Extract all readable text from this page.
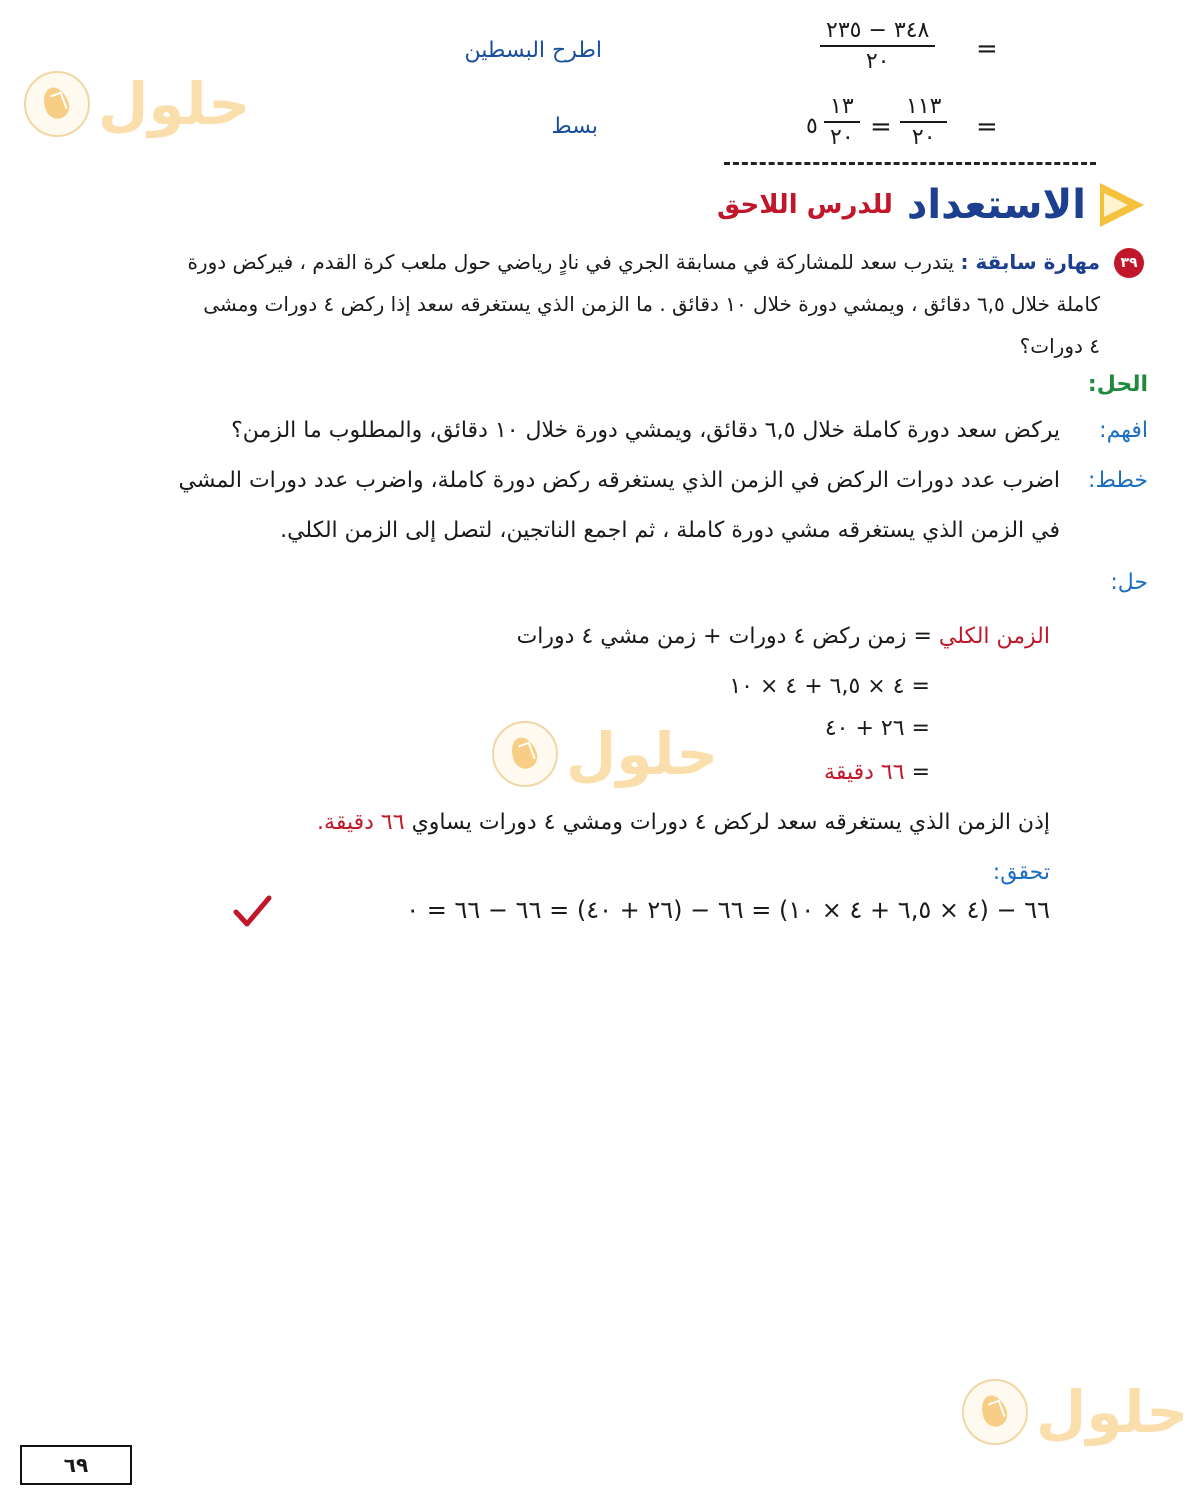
حلول
حلول
حلول
=
٣٤٨ − ٢٣٥
٢٠
اطرح البسطين
=
١١٣
٢٠
=
١٣
٢٠
٥
بسط
الاستعداد
للدرس اللاحق
٣٩
مهارة سابقة : يتدرب سعد للمشاركة في مسابقة الجري في نادٍ رياضي حول ملعب كرة القدم ، فيركض دورة
كاملة خلال ٦,٥ دقائق ، ويمشي دورة خلال ١٠ دقائق . ما الزمن الذي يستغرقه سعد إذا ركض ٤ دورات ومشى
٤ دورات؟
الحل:
افهم:
يركض سعد دورة كاملة خلال ٦,٥ دقائق، ويمشي دورة خلال ١٠ دقائق، والمطلوب ما الزمن؟
خطط:
اضرب عدد دورات الركض في الزمن الذي يستغرقه ركض دورة كاملة، واضرب عدد دورات المشي
في الزمن الذي يستغرقه مشي دورة كاملة ، ثم اجمع الناتجين، لتصل إلى الزمن الكلي.
حل:
الزمن الكلي = زمن ركض ٤ دورات + زمن مشي ٤ دورات
= ٤ × ٦,٥ + ٤ × ١٠
= ٢٦ + ٤٠
= ٦٦ دقيقة
إذن الزمن الذي يستغرقه سعد لركض ٤ دورات ومشي ٤ دورات يساوي ٦٦ دقيقة.
تحقق:
٦٦ − (٤ × ٦,٥ + ٤ × ١٠) = ٦٦ − (٢٦ + ٤٠) = ٦٦ − ٦٦ = ٠
٦٩
